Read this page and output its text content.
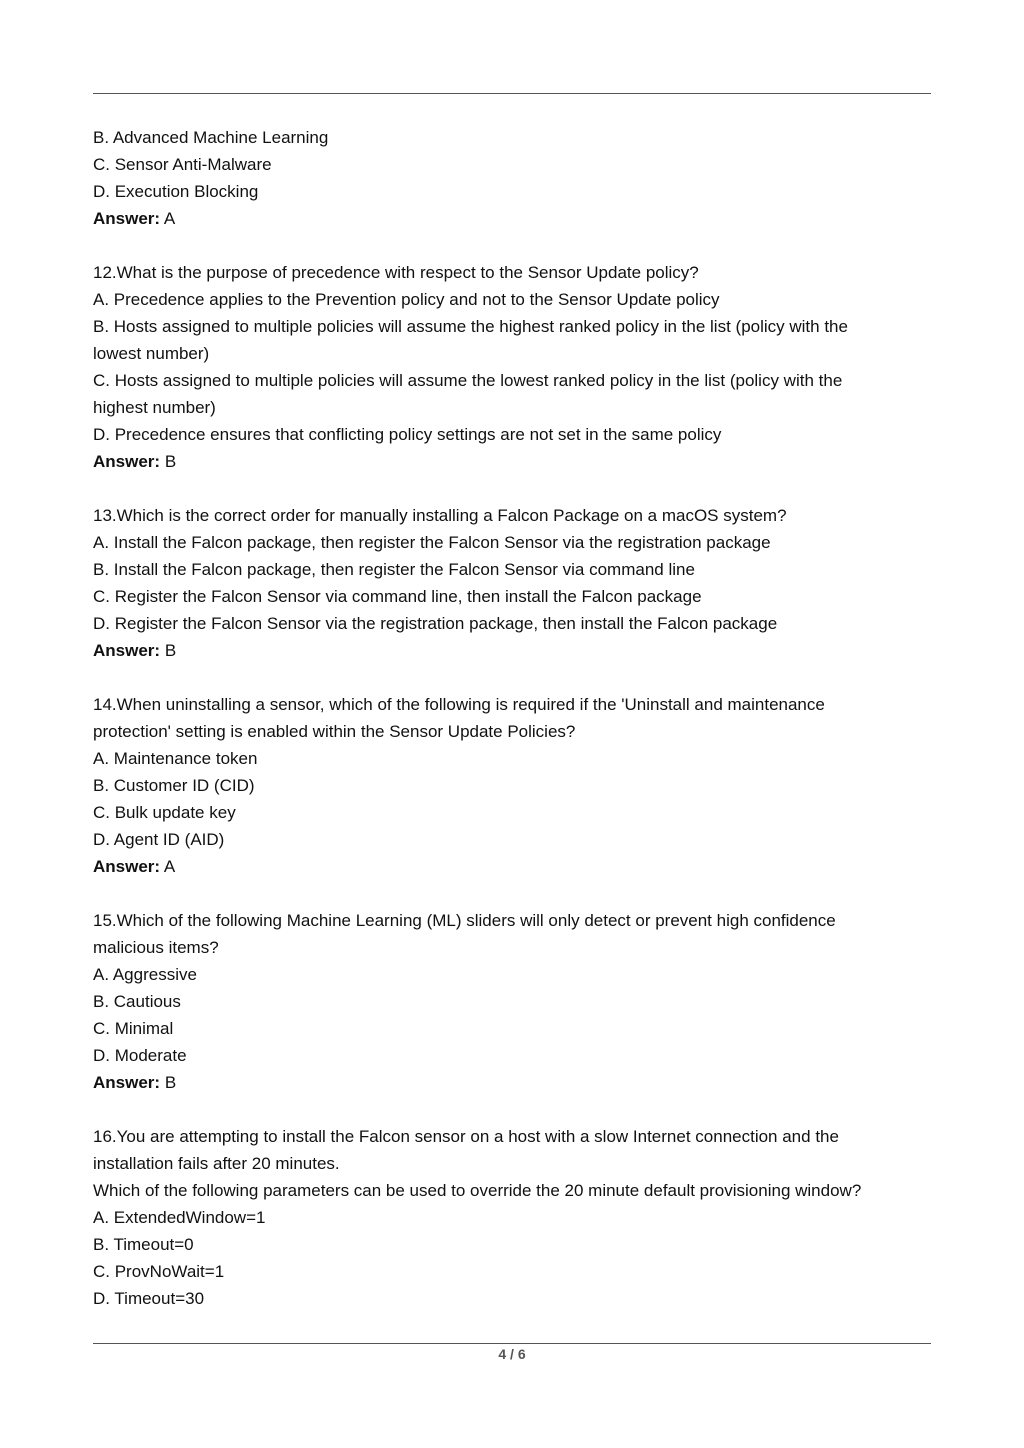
B. Advanced Machine Learning
C. Sensor Anti-Malware
D. Execution Blocking
Answer: A
12.What is the purpose of precedence with respect to the Sensor Update policy?
A. Precedence applies to the Prevention policy and not to the Sensor Update policy
B. Hosts assigned to multiple policies will assume the highest ranked policy in the list (policy with the
lowest number)
C. Hosts assigned to multiple policies will assume the lowest ranked policy in the list (policy with the
highest number)
D. Precedence ensures that conflicting policy settings are not set in the same policy
Answer: B
13.Which is the correct order for manually installing a Falcon Package on a macOS system?
A. Install the Falcon package, then register the Falcon Sensor via the registration package
B. Install the Falcon package, then register the Falcon Sensor via command line
C. Register the Falcon Sensor via command line, then install the Falcon package
D. Register the Falcon Sensor via the registration package, then install the Falcon package
Answer: B
14.When uninstalling a sensor, which of the following is required if the 'Uninstall and maintenance
protection' setting is enabled within the Sensor Update Policies?
A. Maintenance token
B. Customer ID (CID)
C. Bulk update key
D. Agent ID (AID)
Answer: A
15.Which of the following Machine Learning (ML) sliders will only detect or prevent high confidence
malicious items?
A. Aggressive
B. Cautious
C. Minimal
D. Moderate
Answer: B
16.You are attempting to install the Falcon sensor on a host with a slow Internet connection and the
installation fails after 20 minutes.
Which of the following parameters can be used to override the 20 minute default provisioning window?
A. ExtendedWindow=1
B. Timeout=0
C. ProvNoWait=1
D. Timeout=30
4 / 6
